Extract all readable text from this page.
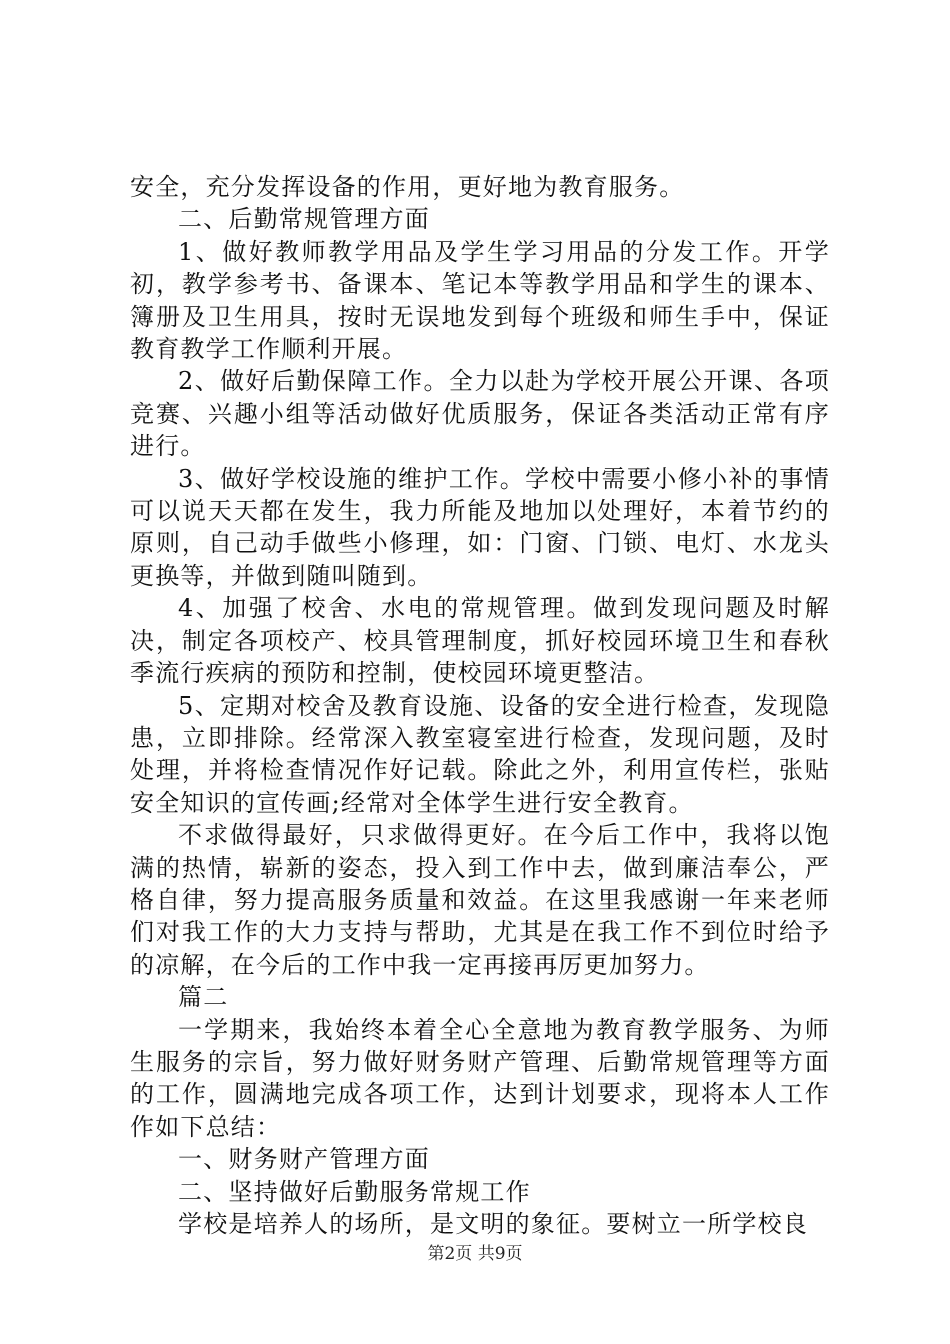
安全，充分发挥设备的作用，更好地为教育服务。

二、后勤常规管理方面

1、做好教师教学用品及学生学习用品的分发工作。开学初，教学参考书、备课本、笔记本等教学用品和学生的课本、簿册及卫生用具，按时无误地发到每个班级和师生手中，保证教育教学工作顺利开展。

2、做好后勤保障工作。全力以赴为学校开展公开课、各项竞赛、兴趣小组等活动做好优质服务，保证各类活动正常有序进行。

3、做好学校设施的维护工作。学校中需要小修小补的事情可以说天天都在发生，我力所能及地加以处理好，本着节约的原则，自己动手做些小修理，如：门窗、门锁、电灯、水龙头更换等，并做到随叫随到。

4、加强了校舍、水电的常规管理。做到发现问题及时解决，制定各项校产、校具管理制度，抓好校园环境卫生和春秋季流行疾病的预防和控制，使校园环境更整洁。

5、定期对校舍及教育设施、设备的安全进行检查，发现隐患，立即排除。经常深入教室寝室进行检查，发现问题，及时处理，并将检查情况作好记载。除此之外，利用宣传栏，张贴安全知识的宣传画;经常对全体学生进行安全教育。

不求做得最好，只求做得更好。在今后工作中，我将以饱满的热情，崭新的姿态，投入到工作中去，做到廉洁奉公，严格自律，努力提高服务质量和效益。在这里我感谢一年来老师们对我工作的大力支持与帮助，尤其是在我工作不到位时给予的凉解，在今后的工作中我一定再接再厉更加努力。

篇二

一学期来，我始终本着全心全意地为教育教学服务、为师生服务的宗旨，努力做好财务财产管理、后勤常规管理等方面的工作，圆满地完成各项工作，达到计划要求，现将本人工作作如下总结：

一、财务财产管理方面

二、坚持做好后勤服务常规工作

学校是培养人的场所，是文明的象征。要树立一所学校良

第2页 共9页
